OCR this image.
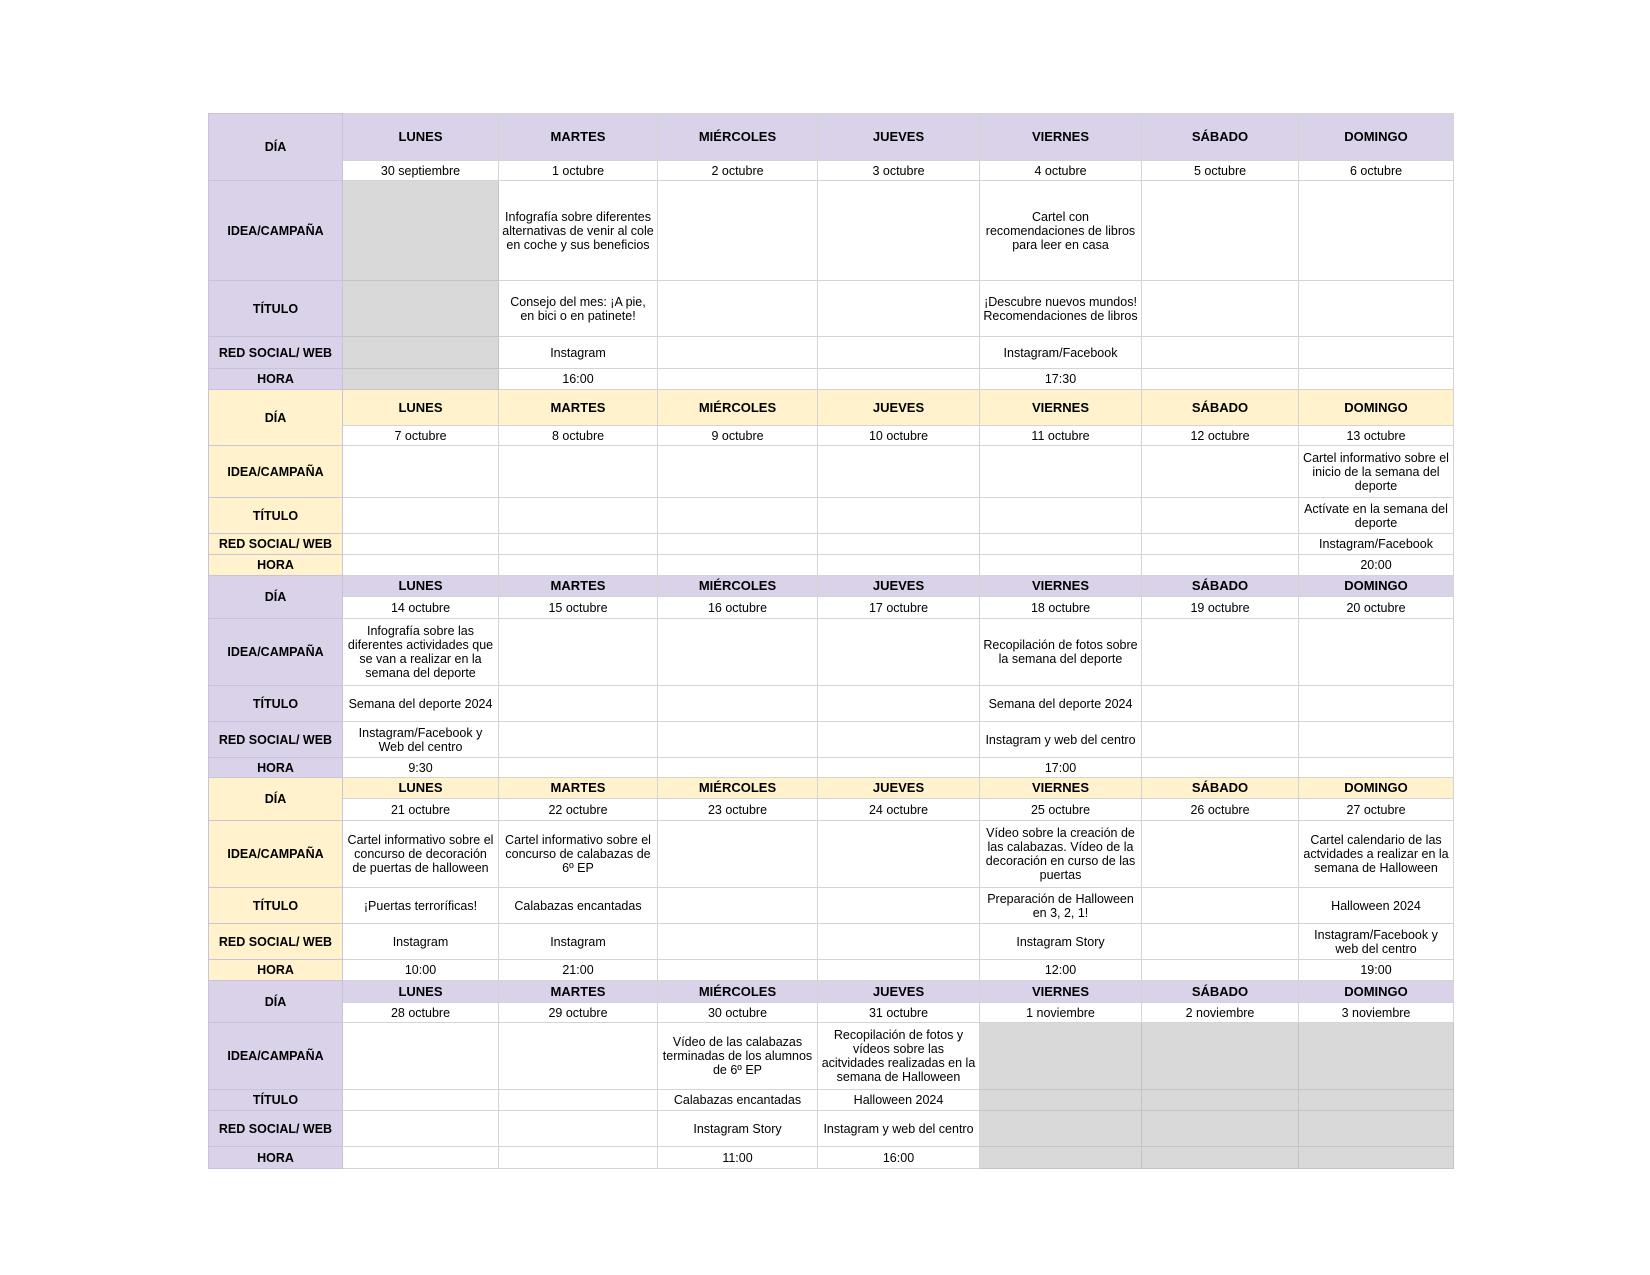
DÍA	LUNES	MARTES	MIÉRCOLES	JUEVES	VIERNES	SÁBADO	DOMINGO
	30 septiembre	1 octubre	2 octubre	3 octubre	4 octubre	5 octubre	6 octubre
IDEA/CAMPAÑA		Infografía sobre diferentes alternativas de venir al cole en coche y sus beneficios			Cartel con recomendaciones de libros para leer en casa		
TÍTULO		Consejo del mes: ¡A pie, en bici o en patinete!			¡Descubre nuevos mundos! Recomendaciones de libros		

RED SOCIAL/ WEB		Instagram			Instagram/Facebook		
HORA		16:00			17:30		
DÍA	LUNES	MARTES	MIÉRCOLES	JUEVES	VIERNES	SÁBADO	DOMINGO
	7 octubre	8 octubre	9 octubre	10 octubre	11 octubre	12 octubre	13 octubre
IDEA/CAMPAÑA							Cartel informativo sobre el inicio de la semana del deporte
TÍTULO							Actívate en la semana del deporte
RED SOCIAL/ WEB							Instagram/Facebook
HORA							20:00
DÍA	LUNES	MARTES	MIÉRCOLES	JUEVES	VIERNES	SÁBADO	DOMINGO
	14 octubre	15 octubre	16 octubre	17 octubre	18 octubre	19 octubre	20 octubre
IDEA/CAMPAÑA	Infografía sobre las diferentes actividades que se van a realizar en la semana del deporte				Recopilación de fotos sobre la semana del deporte		
TÍTULO	Semana del deporte 2024				Semana del deporte 2024		
RED SOCIAL/ WEB	Instagram/Facebook y Web del centro				Instagram y web del centro		
HORA	9:30				17:00		
DÍA	LUNES	MARTES	MIÉRCOLES	JUEVES	VIERNES	SÁBADO	DOMINGO
	21 octubre	22 octubre	23 octubre	24 octubre	25 octubre	26 octubre	27 octubre
IDEA/CAMPAÑA	Cartel informativo sobre el concurso de decoración de puertas de halloween	Cartel informativo sobre el concurso de calabazas de 6º EP			Vídeo sobre la creación de las calabazas. Vídeo de la decoración en curso de las puertas		Cartel calendario de las actvidades a realizar en la semana de Halloween
TÍTULO	¡Puertas terroríficas!	Calabazas encantadas			Preparación de Halloween en 3, 2, 1!		Halloween 2024
RED SOCIAL/ WEB	Instagram	Instagram			Instagram Story		Instagram/Facebook y web del centro
HORA	10:00	21:00			12:00		19:00
DÍA	LUNES	MARTES	MIÉRCOLES	JUEVES	VIERNES	SÁBADO	DOMINGO
	28 octubre	29 octubre	30 octubre	31 octubre	1 noviembre	2 noviembre	3 noviembre
IDEA/CAMPAÑA			Vídeo de las calabazas terminadas de los alumnos de 6º EP	Recopilación de fotos y vídeos sobre las acitvidades realizadas en la semana de Halloween			
TÍTULO			Calabazas encantadas	Halloween 2024			
RED SOCIAL/ WEB			Instagram Story	Instagram y web del centro			
HORA			11:00	16:00			
